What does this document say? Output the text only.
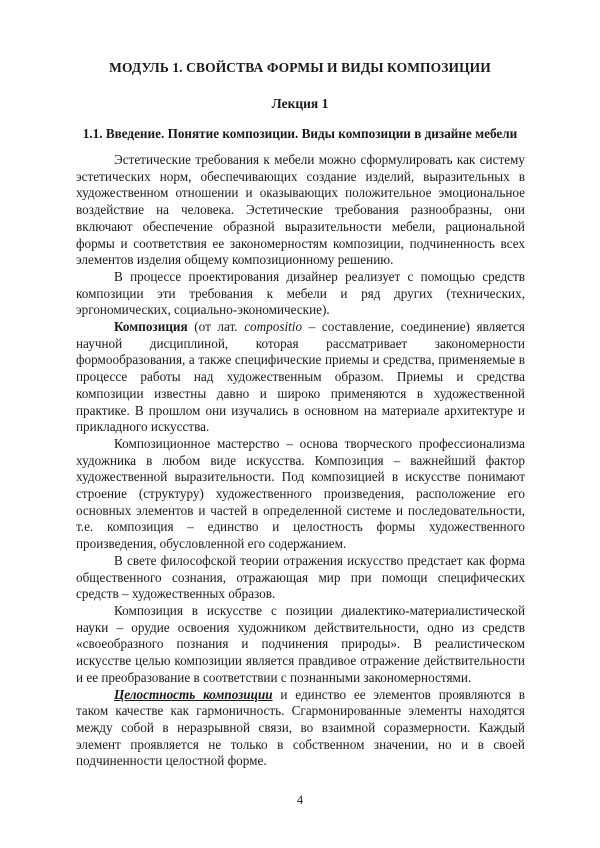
МОДУЛЬ 1. СВОЙСТВА ФОРМЫ И ВИДЫ КОМПОЗИЦИИ
Лекция 1
1.1. Введение. Понятие композиции. Виды композиции в дизайне мебели

Эстетические требования к мебели можно сформулировать как систему эстетических норм, обеспечивающих создание изделий, выразительных в художественном отношении и оказывающих положительное эмоциональное воздействие на человека. Эстетические требования разнообразны, они включают обеспечение образной выразительности мебели, рациональной формы и соответствия ее закономерностям композиции, подчиненность всех элементов изделия общему композиционному решению.

В процессе проектирования дизайнер реализует с помощью средств композиции эти требования к мебели и ряд других (технических, эргономических, социально-экономические).

Композиция (от лат. compositio – составление, соединение) является научной дисциплиной, которая рассматривает закономерности формообразования, а также специфические приемы и средства, применяемые в процессе работы над художественным образом. Приемы и средства композиции известны давно и широко применяются в художественной практике. В прошлом они изучались в основном на материале архитектуре и прикладного искусства.

Композиционное мастерство – основа творческого профессионализма художника в любом виде искусства. Композиция – важнейший фактор художественной выразительности. Под композицией в искусстве понимают строение (структуру) художественного произведения, расположение его основных элементов и частей в определенной системе и последовательности, т.е. композиция – единство и целостность формы художественного произведения, обусловленной его содержанием.

В свете философской теории отражения искусство предстает как форма общественного сознания, отражающая мир при помощи специфических средств – художественных образов.

Композиция в искусстве с позиции диалектико-материалистической науки – орудие освоения художником действительности, одно из средств «своеобразного познания и подчинения природы». В реалистическом искусстве целью композиции является правдивое отражение действительности и ее преобразование в соответствии с познанными закономерностями.

Целостность композиции и единство ее элементов проявляются в таком качестве как гармоничность. Сгармонированные элементы находятся между собой в неразрывной связи, во взаимной соразмерности. Каждый элемент проявляется не только в собственном значении, но и в своей подчиненности целостной форме.

4
